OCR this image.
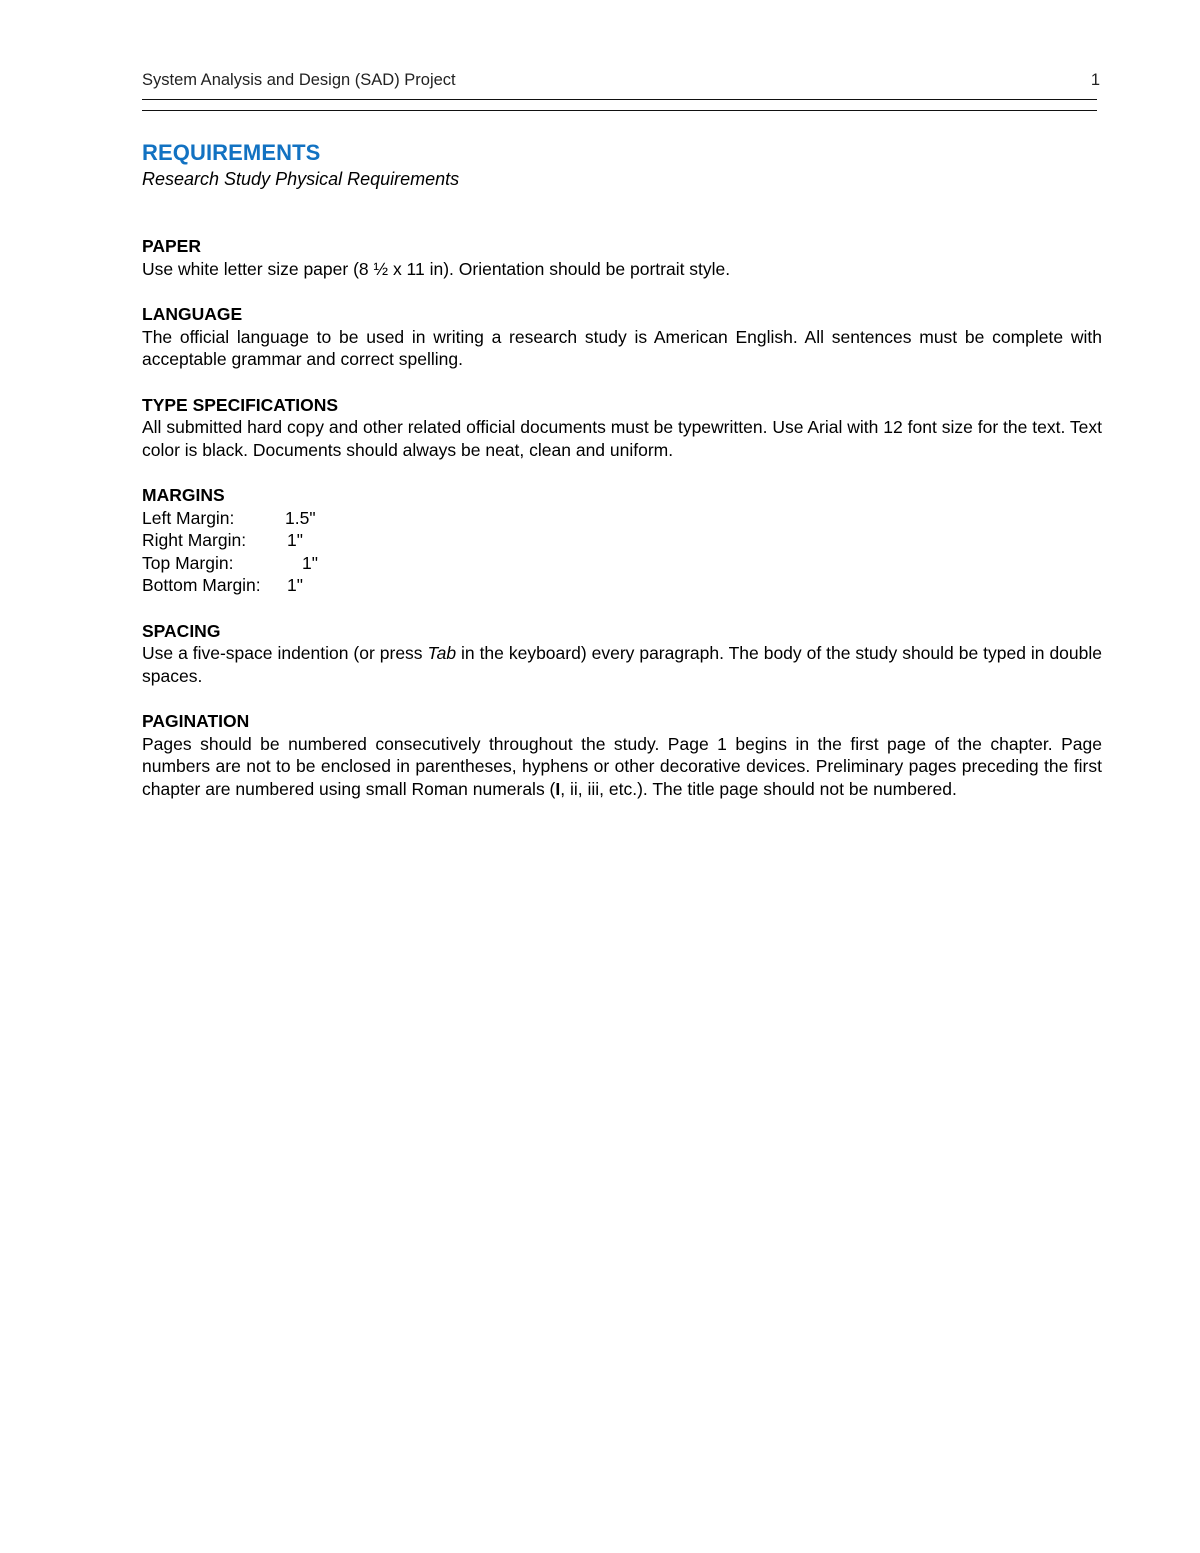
System Analysis and Design (SAD) Project	1
REQUIREMENTS

Research Study Physical Requirements

PAPER

Use white letter size paper (8 ½ x 11 in). Orientation should be portrait style.

LANGUAGE

The official language to be used in writing a research study is American English. All sentences must be complete with acceptable grammar and correct spelling.

TYPE SPECIFICATIONS

All submitted hard copy and other related official documents must be typewritten. Use Arial with 12 font size for the text. Text color is black. Documents should always be neat, clean and uniform.

MARGINS

Left Margin:	1.5"
Right Margin:	1"
Top Margin:	1"
Bottom Margin:	1"

SPACING

Use a five-space indention (or press Tab in the keyboard) every paragraph. The body of the study should be typed in double spaces.

PAGINATION

Pages should be numbered consecutively throughout the study. Page 1 begins in the first page of the chapter. Page numbers are not to be enclosed in parentheses, hyphens or other decorative devices. Preliminary pages preceding the first chapter are numbered using small Roman numerals (I, ii, iii, etc.). The title page should not be numbered.
